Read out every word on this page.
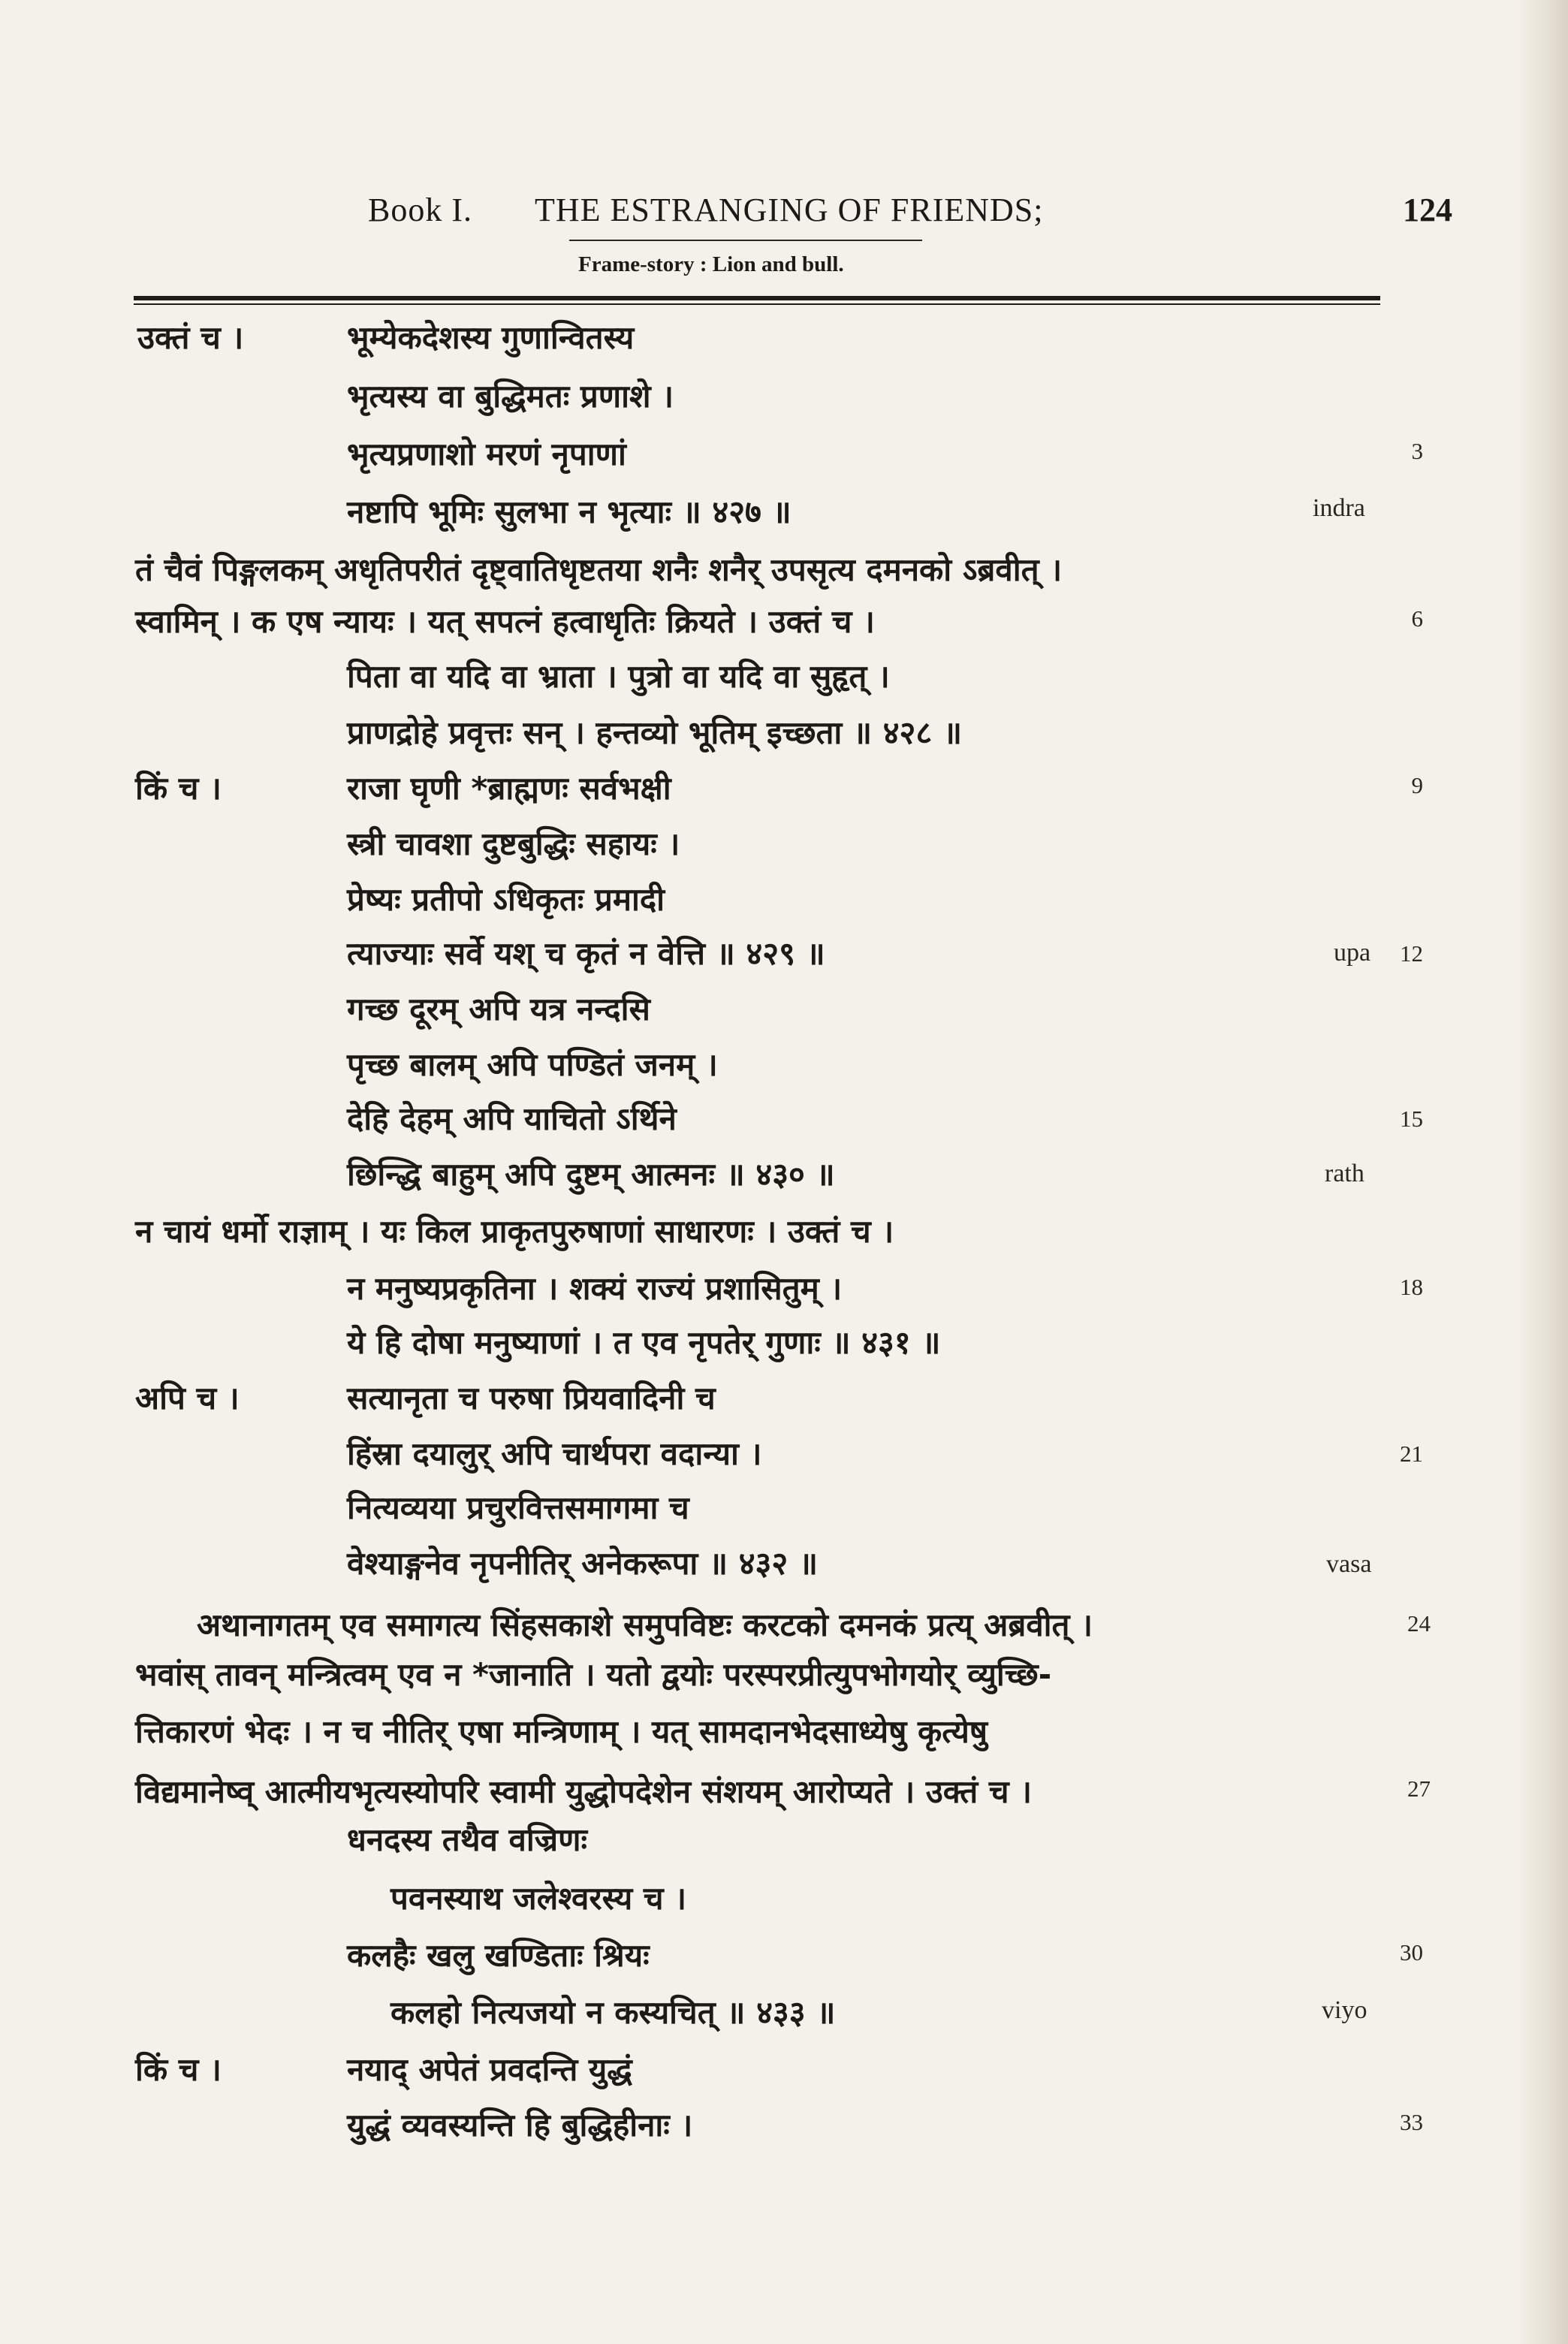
Book I. THE ESTRANGING OF FRIENDS;	124
Frame-story : Lion and bull.
भूम्येकदेशस्य गुणान्वितस्य
उक्तं च ।
भृत्यस्य वा बुद्धिमतः प्रणाशे ।
भृत्यप्रणाशो मरणं नृपाणां	3
नष्टापि भूमिः सुलभा न भृत्याः ॥ ४२७ ॥	indra
तं चैवं पिङ्गलकम् अधृतिपरीतं दृष्ट्वातिधृष्टतया शनैः शनैर् उपसृत्य दमनको ऽब्रवीत् ।
स्वामिन् । क एष न्यायः । यत् सपत्नं हत्वाधृतिः क्रियते । उक्तं च ।	6
पिता वा यदि वा भ्राता । पुत्रो वा यदि वा सुहृत् ।
प्राणद्रोहे प्रवृत्तः सन् । हन्तव्यो भूतिम् इच्छता ॥ ४२८ ॥
किं च ।	राजा घृणी *ब्राह्मणः सर्वभक्षी	9
स्त्री चावशा दुष्टबुद्धिः सहायः ।
प्रेष्यः प्रतीपो ऽधिकृतः प्रमादी
त्याज्याः सर्वे यश् च कृतं न वेत्ति ॥ ४२९ ॥	upa	12
गच्छ दूरम् अपि यत्र नन्दसि
पृच्छ बालम् अपि पण्डितं जनम् ।
देहि देहम् अपि याचितो ऽर्थिने	15
छिन्द्धि बाहुम् अपि दुष्टम् आत्मनः ॥ ४३० ॥	rath
न चायं धर्मो राज्ञाम् । यः किल प्राकृतपुरुषाणां साधारणः । उक्तं च ।
न मनुष्यप्रकृतिना । शक्यं राज्यं प्रशासितुम् ।	18
ये हि दोषा मनुष्याणां । त एव नृपतेर् गुणाः ॥ ४३१ ॥
अपि च ।	सत्यानृता च परुषा प्रियवादिनी च
हिंस्रा दयालुर् अपि चार्थपरा वदान्या ।	21
नित्यव्यया प्रचुरवित्तसमागमा च
वेश्याङ्गनेव नृपनीतिर् अनेकरूपा ॥ ४३२ ॥	vasa
अथानागतम् एव समागत्य सिंहसकाशे समुपविष्टः करटको दमनकं प्रत्य् अब्रवीत् ।	24
भवांस् तावन् मन्त्रित्वम् एव न *जानाति । यतो द्वयोः परस्परप्रीत्युपभोगयोर् व्युच्छि-
त्तिकारणं भेदः । न च नीतिर् एषा मन्त्रिणाम् । यत् सामदानभेदसाध्येषु कृत्येषु
विद्यमानेष्व् आत्मीयभृत्यस्योपरि स्वामी युद्धोपदेशेन संशयम् आरोप्यते । उक्तं च ।	27
धनदस्य तथैव वज्रिणः
पवनस्याथ जलेश्वरस्य च ।
कलहैः खलु खण्डिताः श्रियः	30
कलहो नित्यजयो न कस्यचित् ॥ ४३३ ॥	viyo
किं च ।	नयाद् अपेतं प्रवदन्ति युद्धं
युद्धं व्यवस्यन्ति हि बुद्धिहीनाः ।	33
